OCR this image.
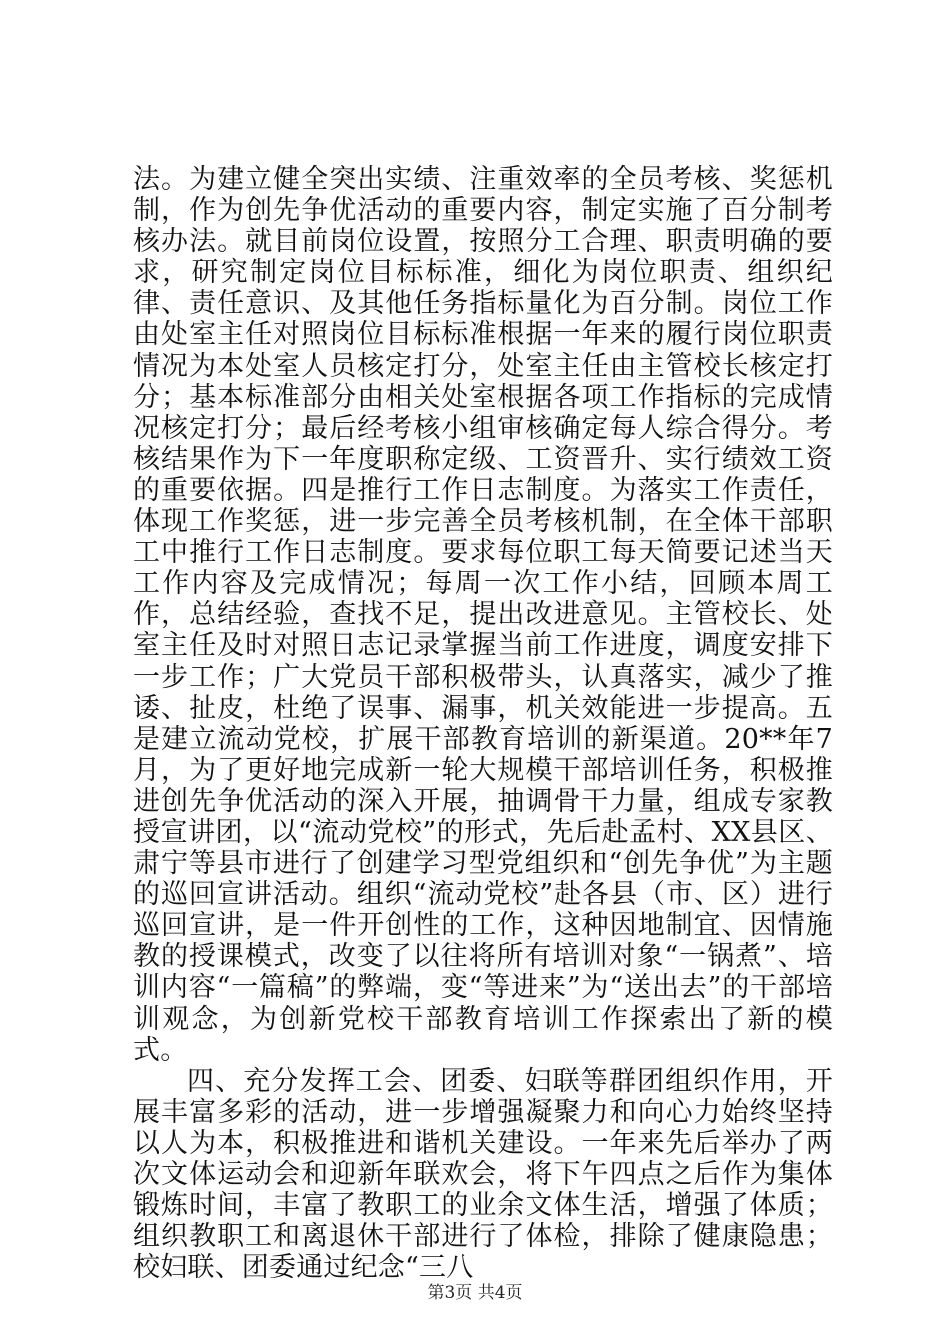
法。为建立健全突出实绩、注重效率的全员考核、奖惩机制，作为创先争优活动的重要内容，制定实施了百分制考核办法。就目前岗位设置，按照分工合理、职责明确的要求，研究制定岗位目标标准，细化为岗位职责、组织纪律、责任意识、及其他任务指标量化为百分制。岗位工作由处室主任对照岗位目标标准根据一年来的履行岗位职责情况为本处室人员核定打分，处室主任由主管校长核定打分；基本标准部分由相关处室根据各项工作指标的完成情况核定打分；最后经考核小组审核确定每人综合得分。考核结果作为下一年度职称定级、工资晋升、实行绩效工资的重要依据。四是推行工作日志制度。为落实工作责任，体现工作奖惩，进一步完善全员考核机制，在全体干部职工中推行工作日志制度。要求每位职工每天简要记述当天工作内容及完成情况；每周一次工作小结，回顾本周工作，总结经验，查找不足，提出改进意见。主管校长、处室主任及时对照日志记录掌握当前工作进度，调度安排下一步工作；广大党员干部积极带头，认真落实，减少了推诿、扯皮，杜绝了误事、漏事，机关效能进一步提高。五是建立流动党校，扩展干部教育培训的新渠道。20**年7月，为了更好地完成新一轮大规模干部培训任务，积极推进创先争优活动的深入开展，抽调骨干力量，组成专家教授宣讲团，以“流动党校”的形式，先后赴孟村、XX县区、肃宁等县市进行了创建学习型党组织和“创先争优”为主题的巡回宣讲活动。组织“流动党校”赴各县（市、区）进行巡回宣讲，是一件开创性的工作，这种因地制宜、因情施教的授课模式，改变了以往将所有培训对象“一锅煮”、培训内容“一篇稿”的弊端，变“等进来”为“送出去”的干部培训观念，为创新党校干部教育培训工作探索出了新的模式。

四、充分发挥工会、团委、妇联等群团组织作用，开展丰富多彩的活动，进一步增强凝聚力和向心力始终坚持以人为本，积极推进和谐机关建设。一年来先后举办了两次文体运动会和迎新年联欢会，将下午四点之后作为集体锻炼时间，丰富了教职工的业余文体生活，增强了体质；组织教职工和离退休干部进行了体检，排除了健康隐患；校妇联、团委通过纪念“三八

第3页 共4页
